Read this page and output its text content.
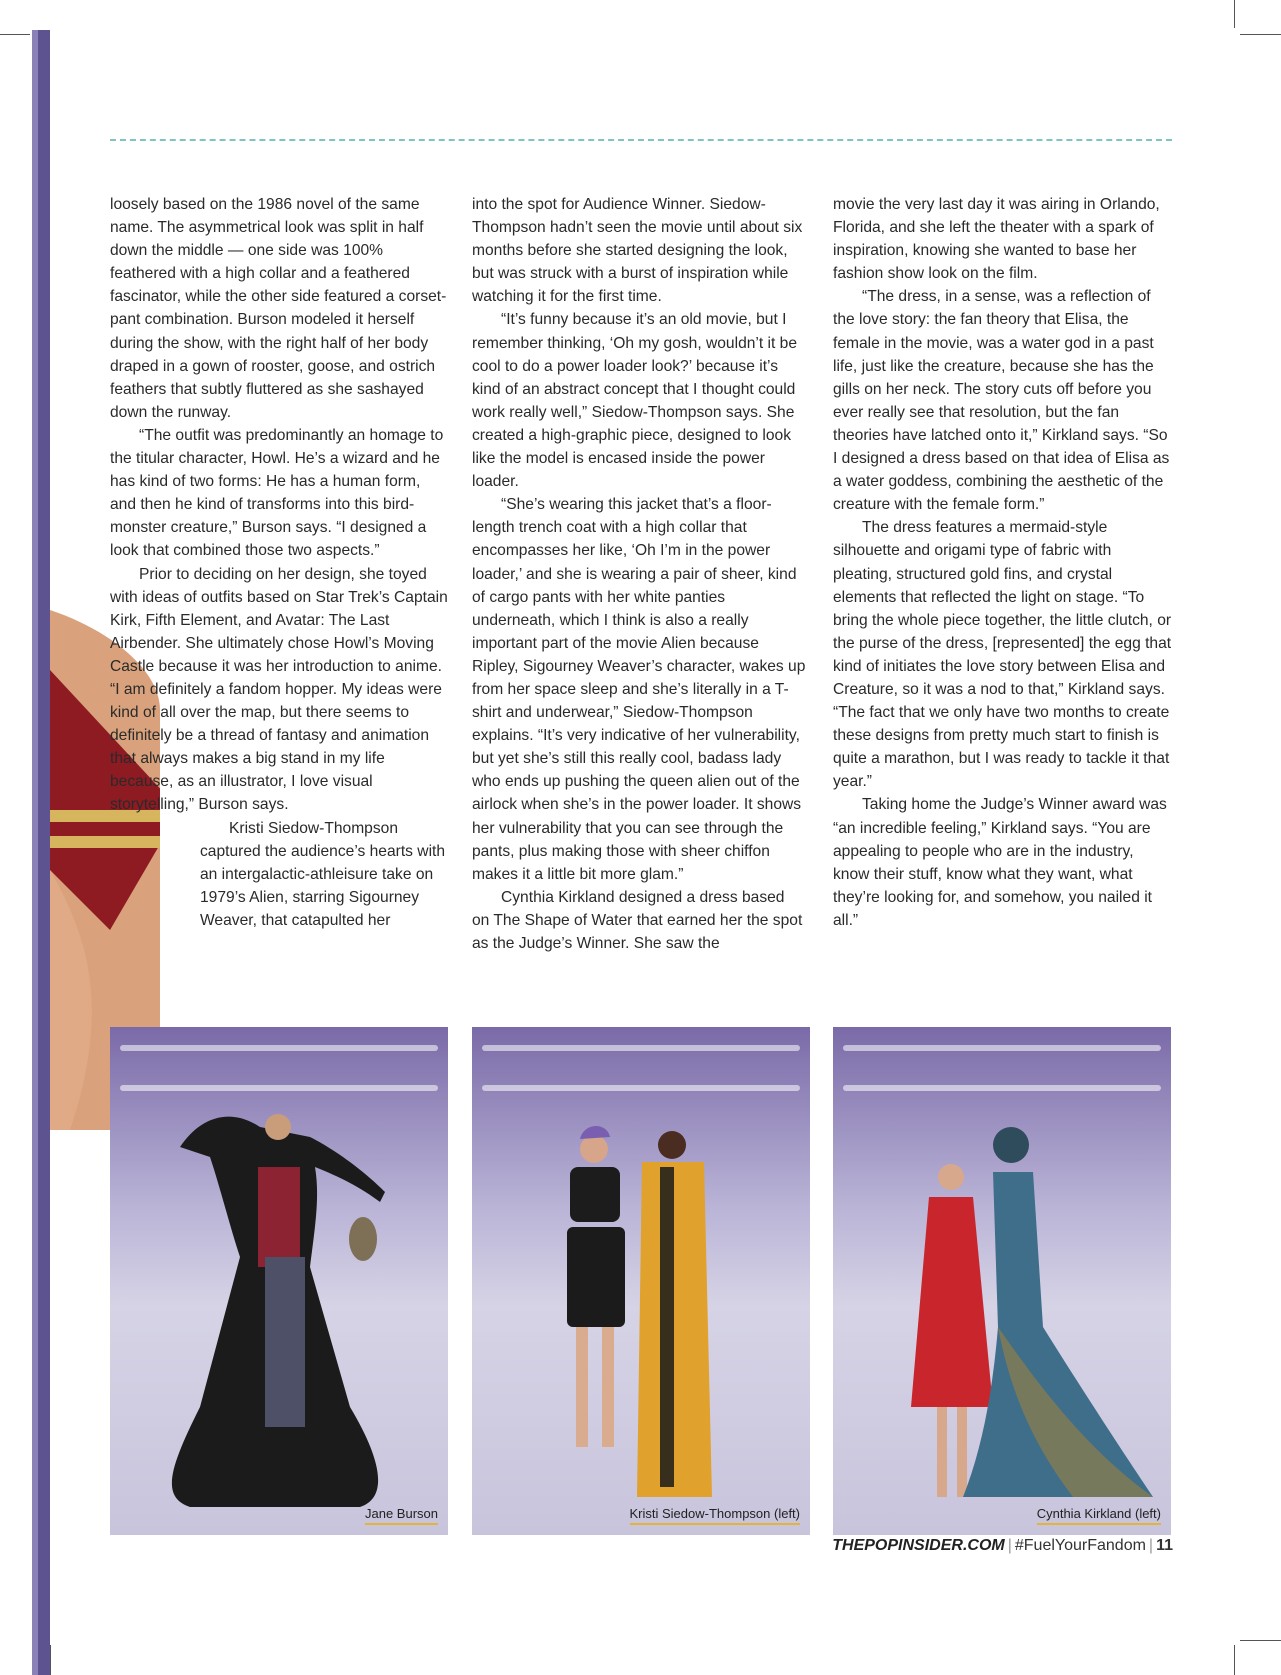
loosely based on the 1986 novel of the same name. The asymmetrical look was split in half down the middle — one side was 100% feathered with a high collar and a feathered fascinator, while the other side featured a corset-pant combination. Burson modeled it herself during the show, with the right half of her body draped in a gown of rooster, goose, and ostrich feathers that subtly fluttered as she sashayed down the runway.

“The outfit was predominantly an homage to the titular character, Howl. He’s a wizard and he has kind of two forms: He has a human form, and then he kind of transforms into this bird-monster creature,” Burson says. “I designed a look that combined those two aspects.”

Prior to deciding on her design, she toyed with ideas of outfits based on Star Trek’s Captain Kirk, Fifth Element, and Avatar: The Last Airbender. She ultimately chose Howl’s Moving Castle because it was her introduction to anime. “I am definitely a fandom hopper. My ideas were kind of all over the map, but there seems to definitely be a thread of fantasy and animation that always makes a big stand in my life because, as an illustrator, I love visual storytelling,” Burson says.

Kristi Siedow-Thompson captured the audience’s hearts with an intergalactic-athleisure take on 1979’s Alien, starring Sigourney Weaver, that catapulted her

into the spot for Audience Winner. Siedow-Thompson hadn’t seen the movie until about six months before she started designing the look, but was struck with a burst of inspiration while watching it for the first time.

“It’s funny because it’s an old movie, but I remember thinking, ‘Oh my gosh, wouldn’t it be cool to do a power loader look?’ because it’s kind of an abstract concept that I thought could work really well,” Siedow-Thompson says. She created a high-graphic piece, designed to look like the model is encased inside the power loader.

“She’s wearing this jacket that’s a floor-length trench coat with a high collar that encompasses her like, ‘Oh I’m in the power loader,’ and she is wearing a pair of sheer, kind of cargo pants with her white panties underneath, which I think is also a really important part of the movie Alien because Ripley, Sigourney Weaver’s character, wakes up from her space sleep and she’s literally in a T-shirt and underwear,” Siedow-Thompson explains. “It’s very indicative of her vulnerability, but yet she’s still this really cool, badass lady who ends up pushing the queen alien out of the airlock when she’s in the power loader. It shows her vulnerability that you can see through the pants, plus making those with sheer chiffon makes it a little bit more glam.”

Cynthia Kirkland designed a dress based on The Shape of Water that earned her the spot as the Judge’s Winner. She saw the

movie the very last day it was airing in Orlando, Florida, and she left the theater with a spark of inspiration, knowing she wanted to base her fashion show look on the film.

“The dress, in a sense, was a reflection of the love story: the fan theory that Elisa, the female in the movie, was a water god in a past life, just like the creature, because she has the gills on her neck. The story cuts off before you ever really see that resolution, but the fan theories have latched onto it,” Kirkland says. “So I designed a dress based on that idea of Elisa as a water goddess, combining the aesthetic of the creature with the female form.”

The dress features a mermaid-style silhouette and origami type of fabric with pleating, structured gold fins, and crystal elements that reflected the light on stage. “To bring the whole piece together, the little clutch, or the purse of the dress, [represented] the egg that kind of initiates the love story between Elisa and Creature, so it was a nod to that,” Kirkland says. “The fact that we only have two months to create these designs from pretty much start to finish is quite a marathon, but I was ready to tackle it that year.”

Taking home the Judge’s Winner award was “an incredible feeling,” Kirkland says. “You are appealing to people who are in the industry, know their stuff, know what they want, what they’re looking for, and somehow, you nailed it all.”

Jane Burson	Kristi Siedow-Thompson (left)	Cynthia Kirkland (left)
THEPOPINSIDER.COM | #FuelYourFandom | 11
